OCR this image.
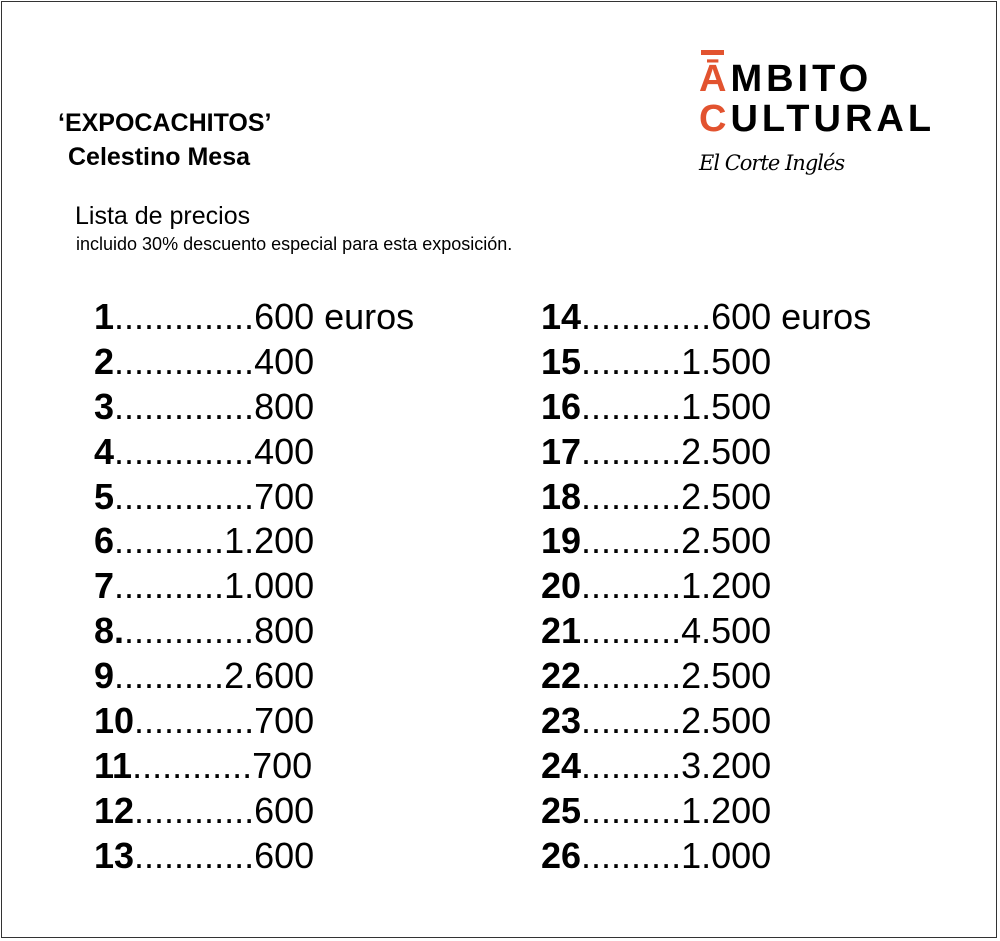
‘EXPOCACHITOS’
Celestino Mesa
Lista de precios
incluido 30% descuento especial para esta exposición.
ĀMBITO
CULTURAL
El Corte Inglés
1..............600 euros
2..............400
3..............800
4..............400
5..............700
6...........1.200
7...........1.000
8..............800
9...........2.600
10............700
11............700
12............600
13............600
14.............600 euros
15..........1.500
16..........1.500
17..........2.500
18..........2.500
19..........2.500
20..........1.200
21..........4.500
22..........2.500
23..........2.500
24..........3.200
25..........1.200
26..........1.000
